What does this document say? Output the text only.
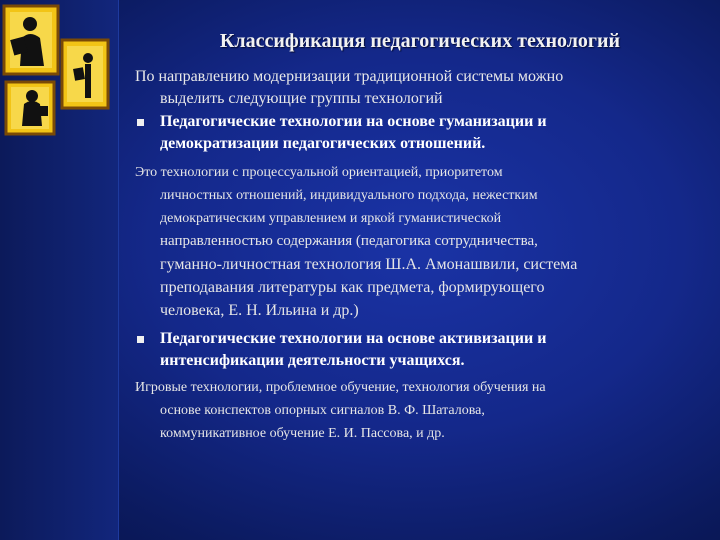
Классификация педагогических технологий
По направлению модернизации традиционной системы можно
выделить следующие группы технологий
Педагогические технологии на основе гуманизации и
демократизации педагогических отношений.
Это технологии с процессуальной ориентацией, приоритетом
личностных отношений, индивидуального подхода, нежестким
демократическим управлением и яркой гуманистической
направленностью содержания (педагогика сотрудничества,
гуманно-личностная технология Ш.А. Амонашвили, система
преподавания литературы как предмета, формирующего
человека, Е. Н. Ильина и др.)
Педагогические технологии на основе активизации и
интенсификации деятельности учащихся.
Игровые технологии, проблемное обучение, технология обучения на
основе конспектов опорных сигналов В. Ф. Шаталова,
коммуникативное обучение Е. И. Пассова, и др.
